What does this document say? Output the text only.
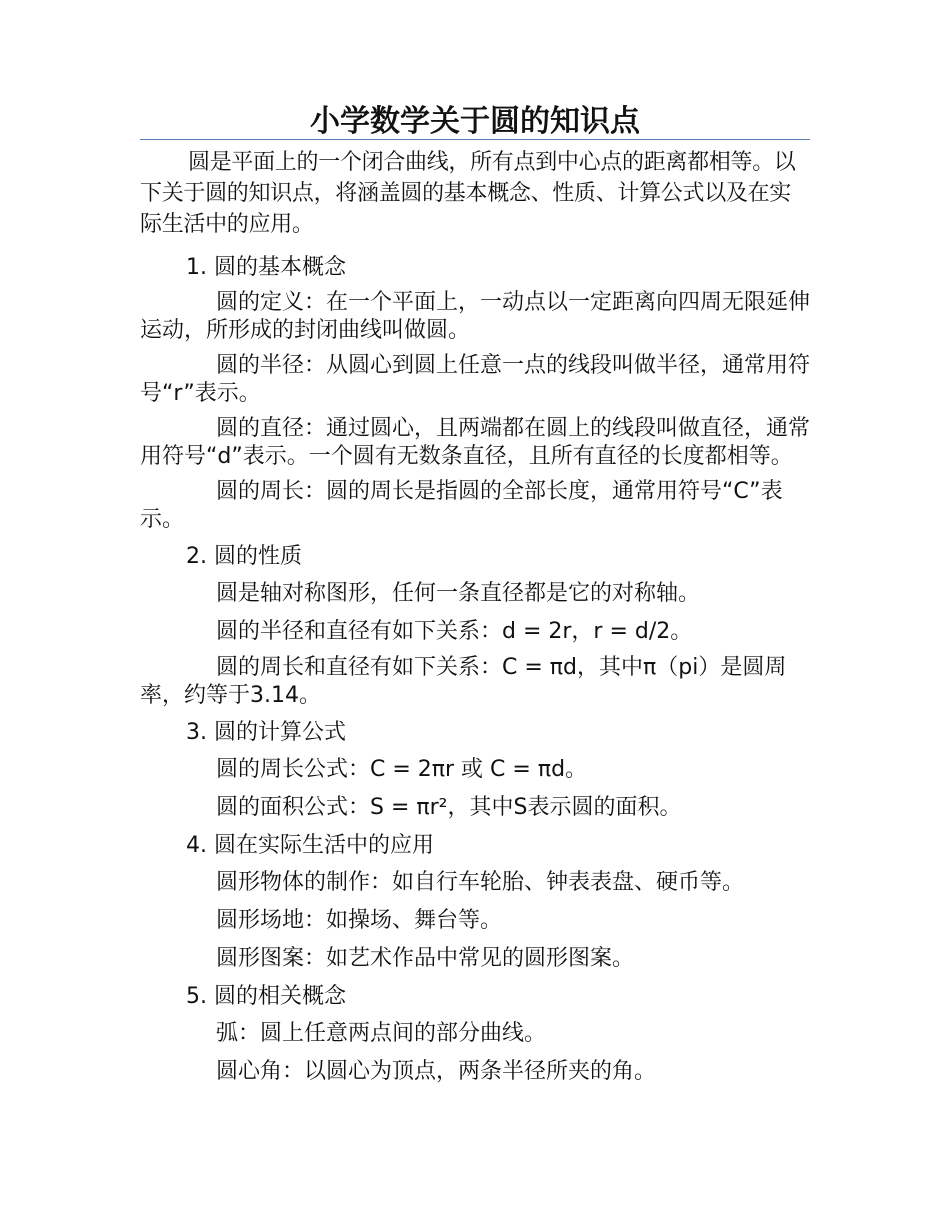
小学数学关于圆的知识点

圆是平面上的一个闭合曲线，所有点到中心点的距离都相等。以下关于圆的知识点，将涵盖圆的基本概念、性质、计算公式以及在实际生活中的应用。

1. 圆的基本概念

圆的定义：在一个平面上，一动点以一定距离向四周无限延伸运动，所形成的封闭曲线叫做圆。

圆的半径：从圆心到圆上任意一点的线段叫做半径，通常用符号“r”表示。

圆的直径：通过圆心，且两端都在圆上的线段叫做直径，通常用符号“d”表示。一个圆有无数条直径，且所有直径的长度都相等。

圆的周长：圆的周长是指圆的全部长度，通常用符号“C”表示。

2. 圆的性质

圆是轴对称图形，任何一条直径都是它的对称轴。

圆的半径和直径有如下关系：d = 2r，r = d/2。

圆的周长和直径有如下关系：C = πd，其中π（pi）是圆周率，约等于3.14。

3. 圆的计算公式

圆的周长公式：C = 2πr 或 C = πd。

圆的面积公式：S = πr²，其中S表示圆的面积。

4. 圆在实际生活中的应用

圆形物体的制作：如自行车轮胎、钟表表盘、硬币等。

圆形场地：如操场、舞台等。

圆形图案：如艺术作品中常见的圆形图案。

5. 圆的相关概念

弧：圆上任意两点间的部分曲线。

圆心角：以圆心为顶点，两条半径所夹的角。
